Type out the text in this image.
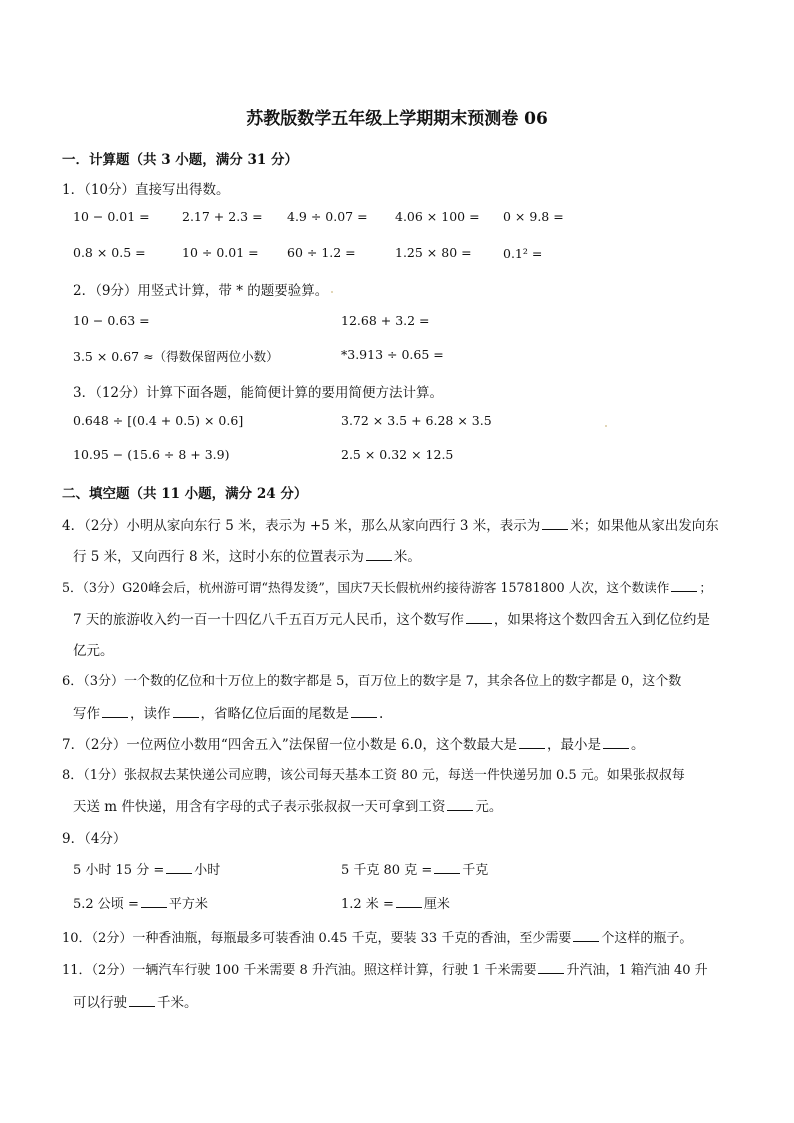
苏教版数学五年级上学期期末预测卷 06
一．计算题（共 3 小题，满分 31 分）
1．（10分）直接写出得数。
10 − 0.01 =	2.17 + 2.3 = 4.9 ÷ 0.07 = 4.06 × 100 = 0 × 9.8 =
0.8 × 0.5 =	10 ÷ 0.01 = 60 ÷ 1.2 =	1.25 × 80 =	0.1² =
2．（9分）用竖式计算，带 * 的题要验算。
10 − 0.63 =	12.68 + 3.2 =
3.5 × 0.67 ≈（得数保留两位小数）	*3.913 ÷ 0.65 =
3．（12分）计算下面各题，能简便计算的要用简便方法计算。
0.648 ÷ [(0.4 + 0.5) × 0.6]	3.72 × 3.5 + 6.28 × 3.5
10.95 − (15.6 ÷ 8 + 3.9)	2.5 × 0.32 × 12.5
二、填空题（共 11 小题，满分 24 分）
4．（2分）小明从家向东行 5 米，表示为 +5 米，那么从家向西行 3 米，表示为 米；如果他从家出发向东
行 5 米，又向西行 8 米，这时小东的位置表示为 米。
5．（3分）G20峰会后，杭州游可谓“热得发烫”，国庆7天长假杭州约接待游客 15781800 人次，这个数读作 ；
7 天的旅游收入约一百一十四亿八千五百万元人民币，这个数写作 ，如果将这个数四舍五入到亿位约是
亿元。
6．（3分）一个数的亿位和十万位上的数字都是 5，百万位上的数字是 7，其余各位上的数字都是 0，这个数
写作 ，读作 ，省略亿位后面的尾数是 .
7．（2分）一位两位小数用“四舍五入”法保留一位小数是 6.0，这个数最大是 ，最小是 。
8．（1分）张叔叔去某快递公司应聘，该公司每天基本工资 80 元，每送一件快递另加 0.5 元。如果张叔叔每
天送 m 件快递，用含有字母的式子表示张叔叔一天可拿到工资 元。
9．（4分）
5 小时 15 分 = 小时	5 千克 80 克 = 千克
5.2 公顷 = 平方米	1.2 米 = 厘米
10．（2分）一种香油瓶，每瓶最多可装香油 0.45 千克，要装 33 千克的香油，至少需要 个这样的瓶子。
11．（2分）一辆汽车行驶 100 千米需要 8 升汽油。照这样计算，行驶 1 千米需要 升汽油，1 箱汽油 40 升
可以行驶 千米。
